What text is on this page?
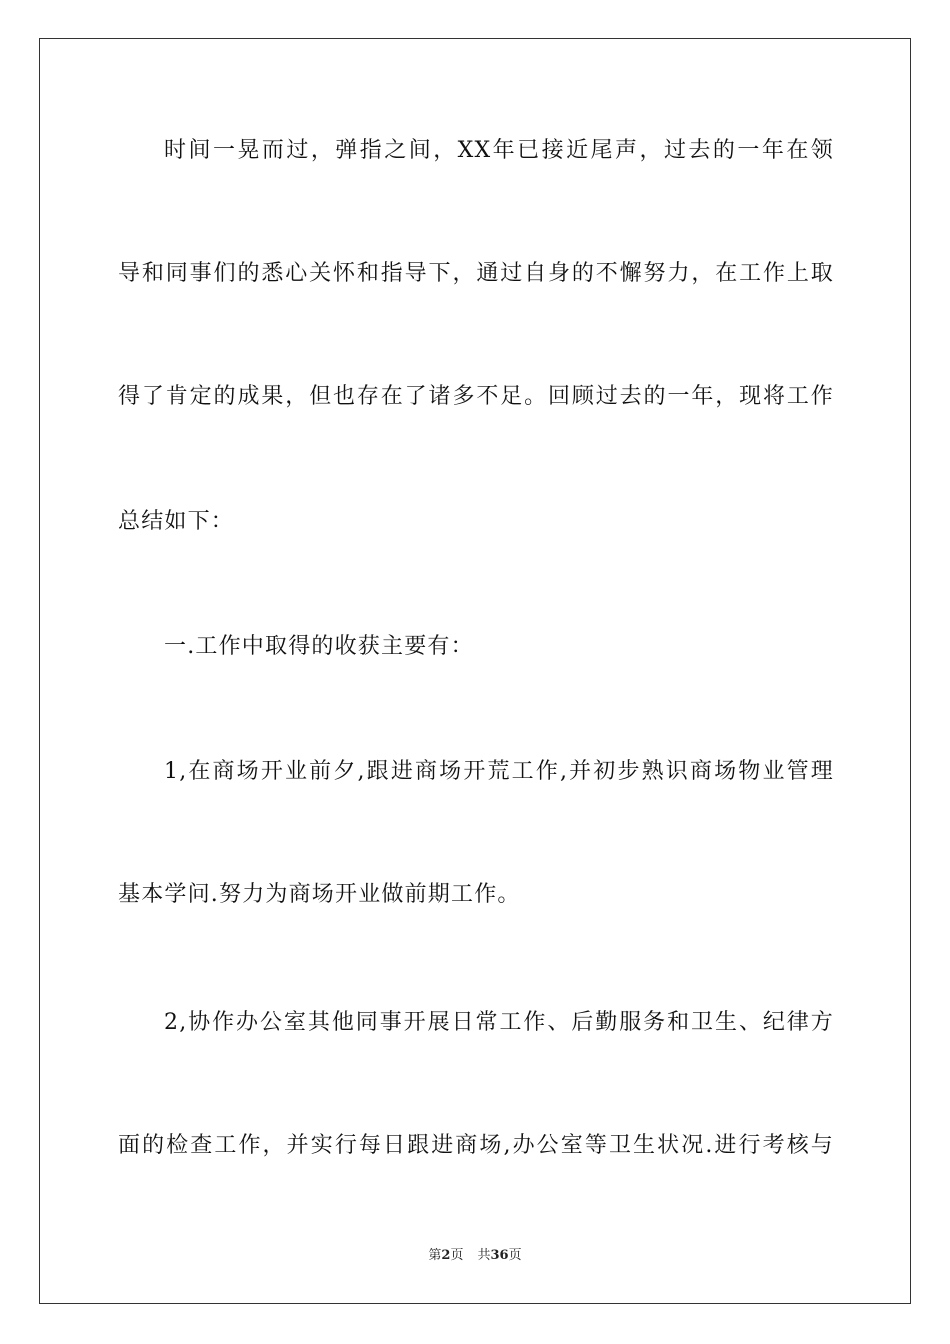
时间一晃而过，弹指之间，XX年已接近尾声，过去的一年在领
导和同事们的悉心关怀和指导下，通过自身的不懈努力，在工作上取
得了肯定的成果，但也存在了诸多不足。回顾过去的一年，现将工作
总结如下：
一.工作中取得的收获主要有：
1,在商场开业前夕,跟进商场开荒工作,并初步熟识商场物业管理
基本学问.努力为商场开业做前期工作。
2,协作办公室其他同事开展日常工作、后勤服务和卫生、纪律方
面的检查工作，并实行每日跟进商场,办公室等卫生状况.进行考核与
第2页 共36页
